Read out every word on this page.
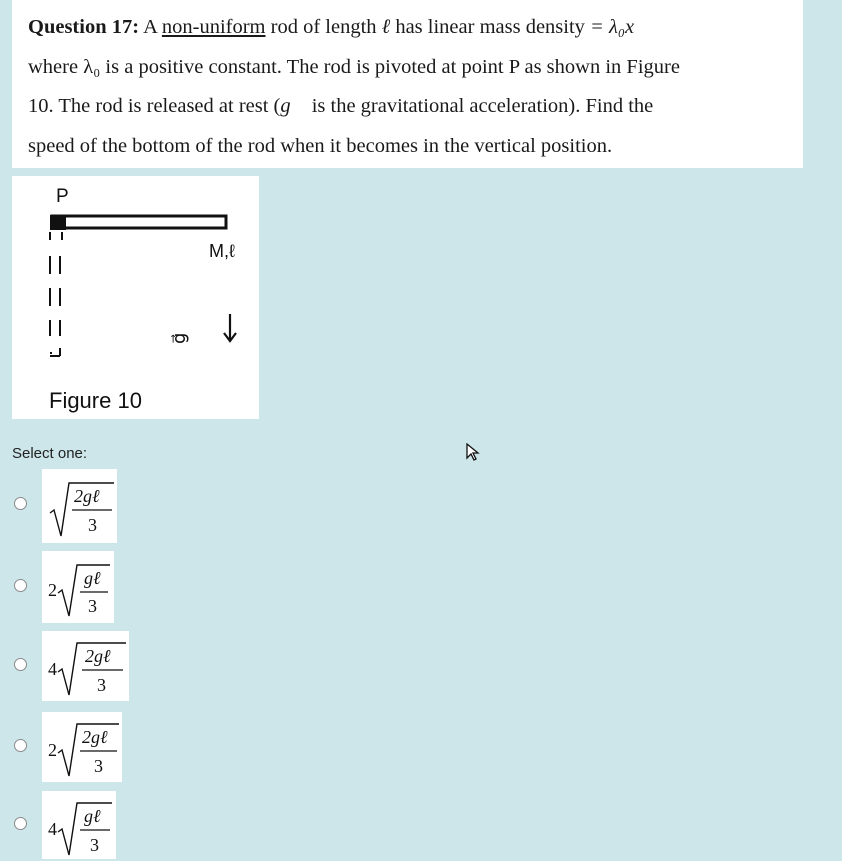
Question 17: A non-uniform rod of length ℓ has linear mass density = λ₀x
where λ₀ is a positive constant. The rod is pivoted at point P as shown in Figure
10. The rod is released at rest (g⃗ is the gravitational acceleration). Find the
speed of the bottom of the rod when it becomes in the vertical position.
P
M,ℓ
g⃗
Figure 10
Select one:
2gℓ
3
2
gℓ
3
4
2gℓ
3
2
2gℓ
3
4
gℓ
3
